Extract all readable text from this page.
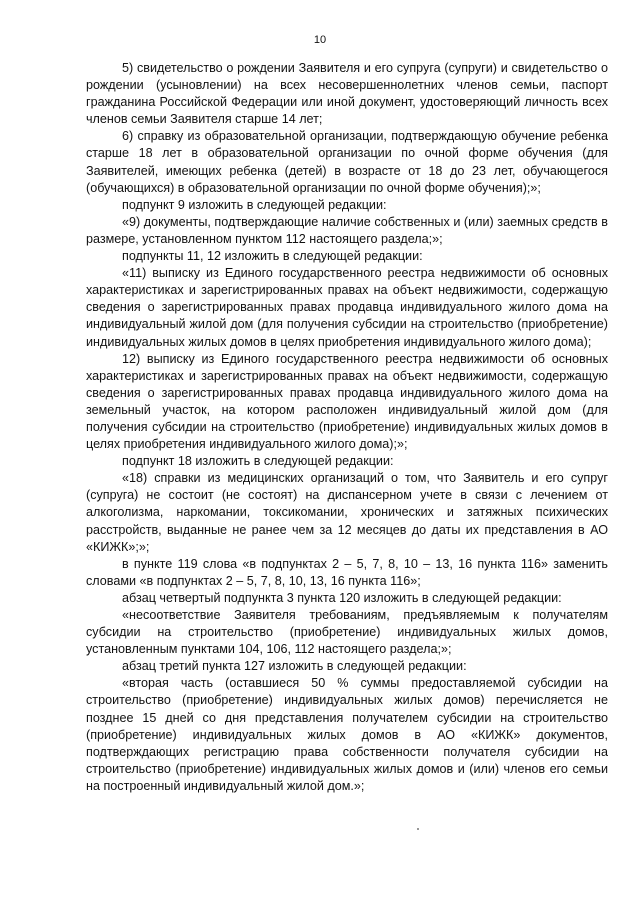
10

5) свидетельство о рождении Заявителя и его супруга (супруги) и свидетельство о рождении (усыновлении) на всех несовершеннолетних членов семьи, паспорт гражданина Российской Федерации или иной документ, удостоверяющий личность всех членов семьи Заявителя старше 14 лет;

6) справку из образовательной организации, подтверждающую обучение ребенка старше 18 лет в образовательной организации по очной форме обучения (для Заявителей, имеющих ребенка (детей) в возрасте от 18 до 23 лет, обучающегося (обучающихся) в образовательной организации по очной форме обучения);»;

подпункт 9 изложить в следующей редакции:

«9) документы, подтверждающие наличие собственных и (или) заемных средств в размере, установленном пунктом 112 настоящего раздела;»;

подпункты 11, 12 изложить в следующей редакции:

«11) выписку из Единого государственного реестра недвижимости об основных характеристиках и зарегистрированных правах на объект недвижимости, содержащую сведения о зарегистрированных правах продавца индивидуального жилого дома на индивидуальный жилой дом (для получения субсидии на строительство (приобретение) индивидуальных жилых домов в целях приобретения индивидуального жилого дома);

12) выписку из Единого государственного реестра недвижимости об основных характеристиках и зарегистрированных правах на объект недвижимости, содержащую сведения о зарегистрированных правах продавца индивидуального жилого дома на земельный участок, на котором расположен индивидуальный жилой дом (для получения субсидии на строительство (приобретение) индивидуальных жилых домов в целях приобретения индивидуального жилого дома);»;

подпункт 18 изложить в следующей редакции:

«18) справки из медицинских организаций о том, что Заявитель и его супруг (супруга) не состоит (не состоят) на диспансерном учете в связи с лечением от алкоголизма, наркомании, токсикомании, хронических и затяжных психических расстройств, выданные не ранее чем за 12 месяцев до даты их представления в АО «КИЖК»;»;

в пункте 119 слова «в подпунктах 2 – 5, 7, 8, 10 – 13, 16 пункта 116» заменить словами «в подпунктах 2 – 5, 7, 8, 10, 13, 16 пункта 116»;

абзац четвертый подпункта 3 пункта 120 изложить в следующей редакции:

«несоответствие Заявителя требованиям, предъявляемым к получателям субсидии на строительство (приобретение) индивидуальных жилых домов, установленным пунктами 104, 106, 112 настоящего раздела;»;

абзац третий пункта 127 изложить в следующей редакции:

«вторая часть (оставшиеся 50 % суммы предоставляемой субсидии на строительство (приобретение) индивидуальных жилых домов) перечисляется не позднее 15 дней со дня представления получателем субсидии на строительство (приобретение) индивидуальных жилых домов в АО «КИЖК» документов, подтверждающих регистрацию права собственности получателя субсидии на строительство (приобретение) индивидуальных жилых домов и (или) членов его семьи на построенный индивидуальный жилой дом.»;
